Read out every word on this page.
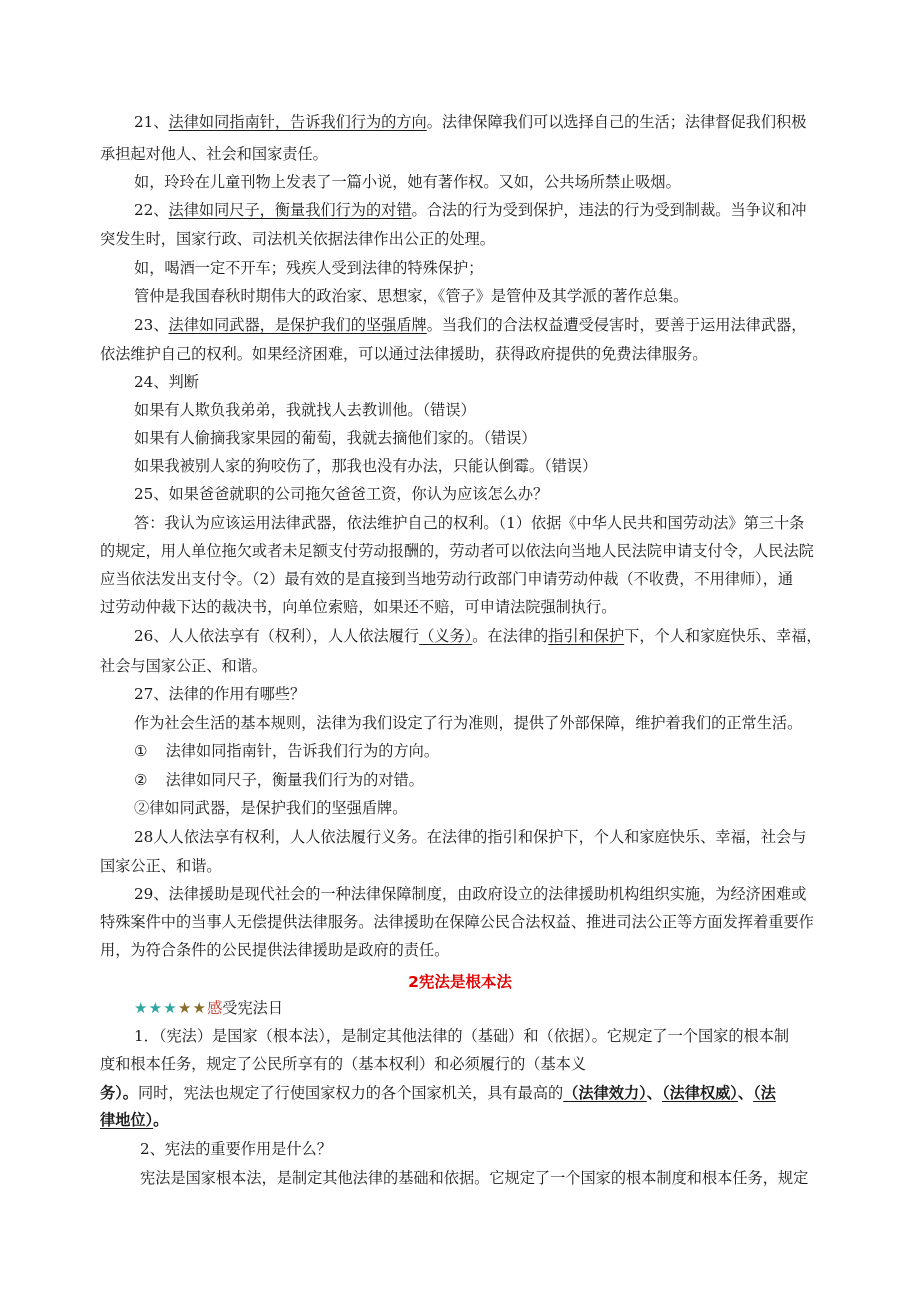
21、法律如同指南针，告诉我们行为的方向。法律保障我们可以选择自己的生活；法律督促我们积极
承担起对他人、社会和国家责任。
如，玲玲在儿童刊物上发表了一篇小说，她有著作权。又如，公共场所禁止吸烟。
22、法律如同尺子，衡量我们行为的对错。合法的行为受到保护，违法的行为受到制裁。当争议和冲
突发生时，国家行政、司法机关依据法律作出公正的处理。
如，喝酒一定不开车；残疾人受到法律的特殊保护；
管仲是我国春秋时期伟大的政治家、思想家，《管子》是管仲及其学派的著作总集。
23、法律如同武器，是保护我们的坚强盾牌。当我们的合法权益遭受侵害时，要善于运用法律武器，
依法维护自己的权利。如果经济困难，可以通过法律援助，获得政府提供的免费法律服务。
24、判断
如果有人欺负我弟弟，我就找人去教训他。（错误）
如果有人偷摘我家果园的葡萄，我就去摘他们家的。（错误）
如果我被别人家的狗咬伤了，那我也没有办法，只能认倒霉。（错误）
25、如果爸爸就职的公司拖欠爸爸工资，你认为应该怎么办？
答：我认为应该运用法律武器，依法维护自己的权利。（1）依据《中华人民共和国劳动法》第三十条
的规定，用人单位拖欠或者未足额支付劳动报酬的，劳动者可以依法向当地人民法院申请支付令，人民法院
应当依法发出支付令。（2）最有效的是直接到当地劳动行政部门申请劳动仲裁（不收费，不用律师），通
过劳动仲裁下达的裁决书，向单位索赔，如果还不赔，可申请法院强制执行。
26、人人依法享有（权利），人人依法履行（义务）。在法律的指引和保护下，个人和家庭快乐、幸福，
社会与国家公正、和谐。
27、法律的作用有哪些？
作为社会生活的基本规则，法律为我们设定了行为准则，提供了外部保障，维护着我们的正常生活。
① 法律如同指南针，告诉我们行为的方向。
② 法律如同尺子，衡量我们行为的对错。
②律如同武器，是保护我们的坚强盾牌。
28人人依法享有权利，人人依法履行义务。在法律的指引和保护下，个人和家庭快乐、幸福，社会与
国家公正、和谐。
29、法律援助是现代社会的一种法律保障制度，由政府设立的法律援助机构组织实施，为经济困难或
特殊案件中的当事人无偿提供法律服务。法律援助在保障公民合法权益、推进司法公正等方面发挥着重要作
用，为符合条件的公民提供法律援助是政府的责任。
2宪法是根本法
★★★★★感受宪法日
1．（宪法）是国家（根本法），是制定其他法律的（基础）和（依据）。它规定了一个国家的根本制
度和根本任务，规定了公民所享有的（基本权利）和必须履行的（基本义
务）。同时，宪法也规定了行使国家权力的各个国家机关，具有最高的（法律效力）、（法律权威）、（法
律地位）。
2、宪法的重要作用是什么？
宪法是国家根本法，是制定其他法律的基础和依据。它规定了一个国家的根本制度和根本任务，规定
